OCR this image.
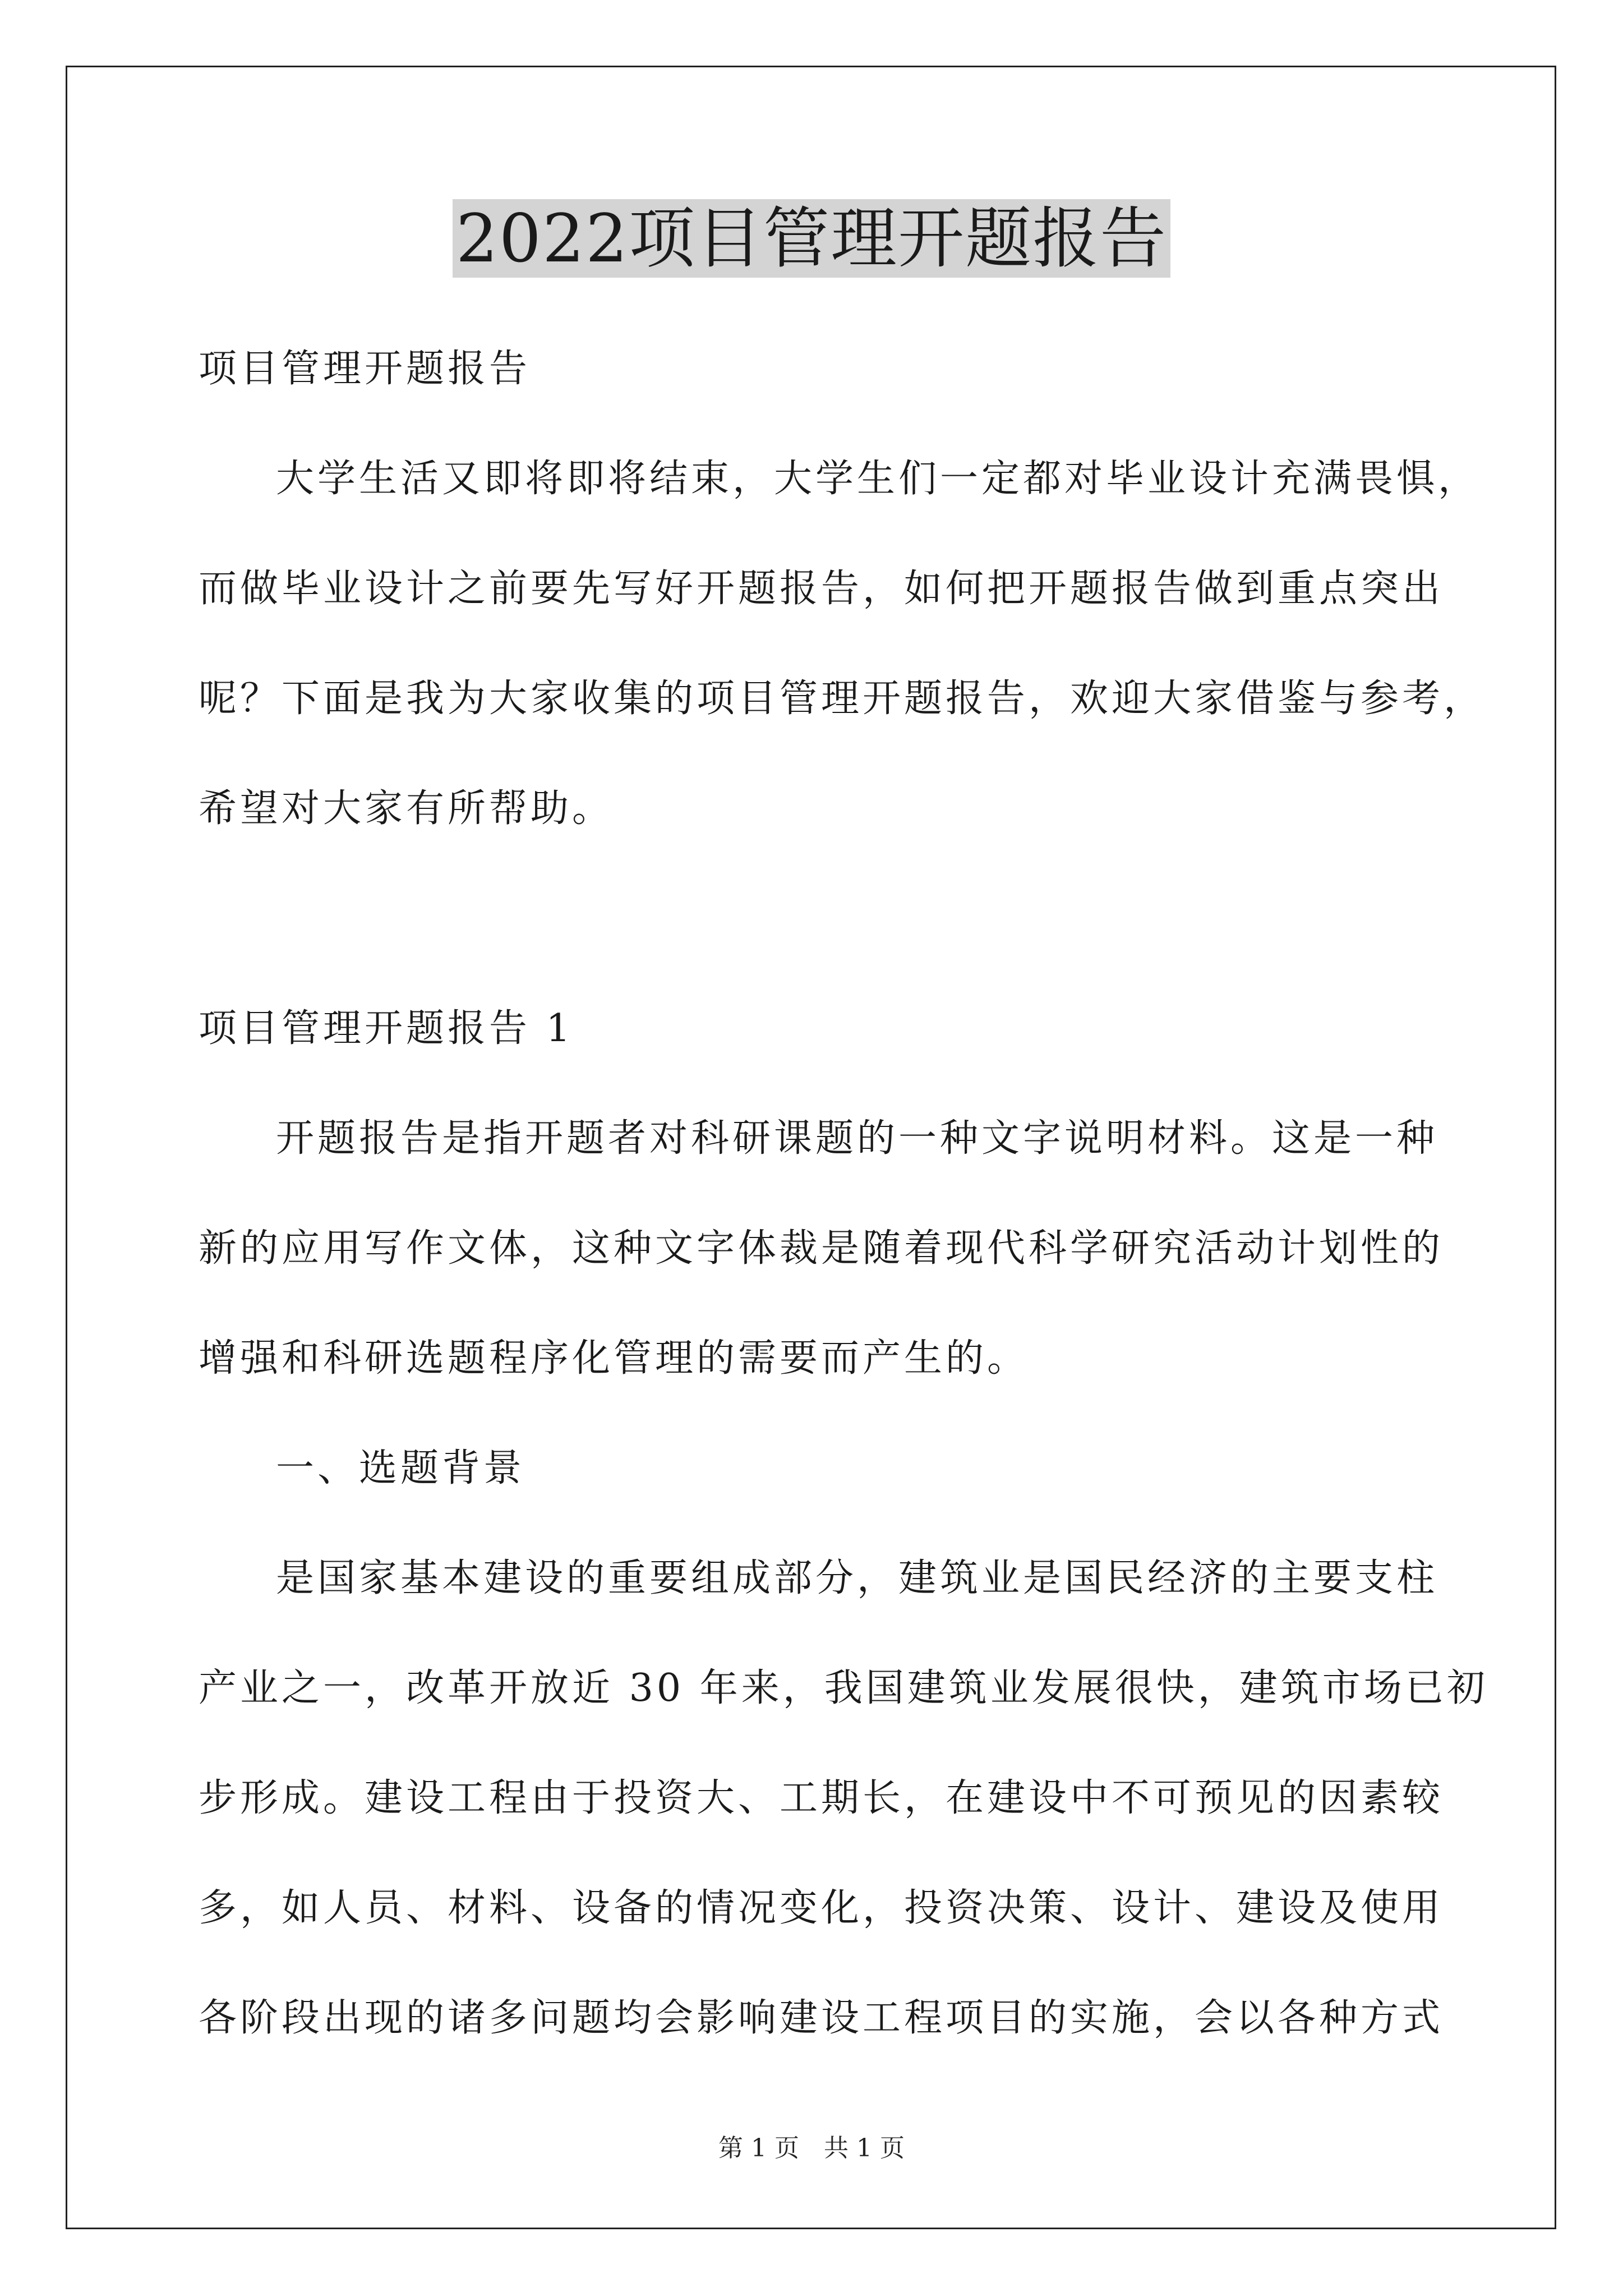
2022项目管理开题报告
项目管理开题报告
大学生活又即将即将结束，大学生们一定都对毕业设计充满畏惧，
而做毕业设计之前要先写好开题报告，如何把开题报告做到重点突出
呢？下面是我为大家收集的项目管理开题报告，欢迎大家借鉴与参考，
希望对大家有所帮助。
项目管理开题报告 1
开题报告是指开题者对科研课题的一种文字说明材料。这是一种
新的应用写作文体，这种文字体裁是随着现代科学研究活动计划性的
增强和科研选题程序化管理的需要而产生的。
一、选题背景
是国家基本建设的重要组成部分，建筑业是国民经济的主要支柱
产业之一，改革开放近 30 年来，我国建筑业发展很快，建筑市场已初
步形成。建设工程由于投资大、工期长，在建设中不可预见的因素较
多，如人员、材料、设备的情况变化，投资决策、设计、建设及使用
各阶段出现的诸多问题均会影响建设工程项目的实施，会以各种方式
第 1 页　共 1 页
